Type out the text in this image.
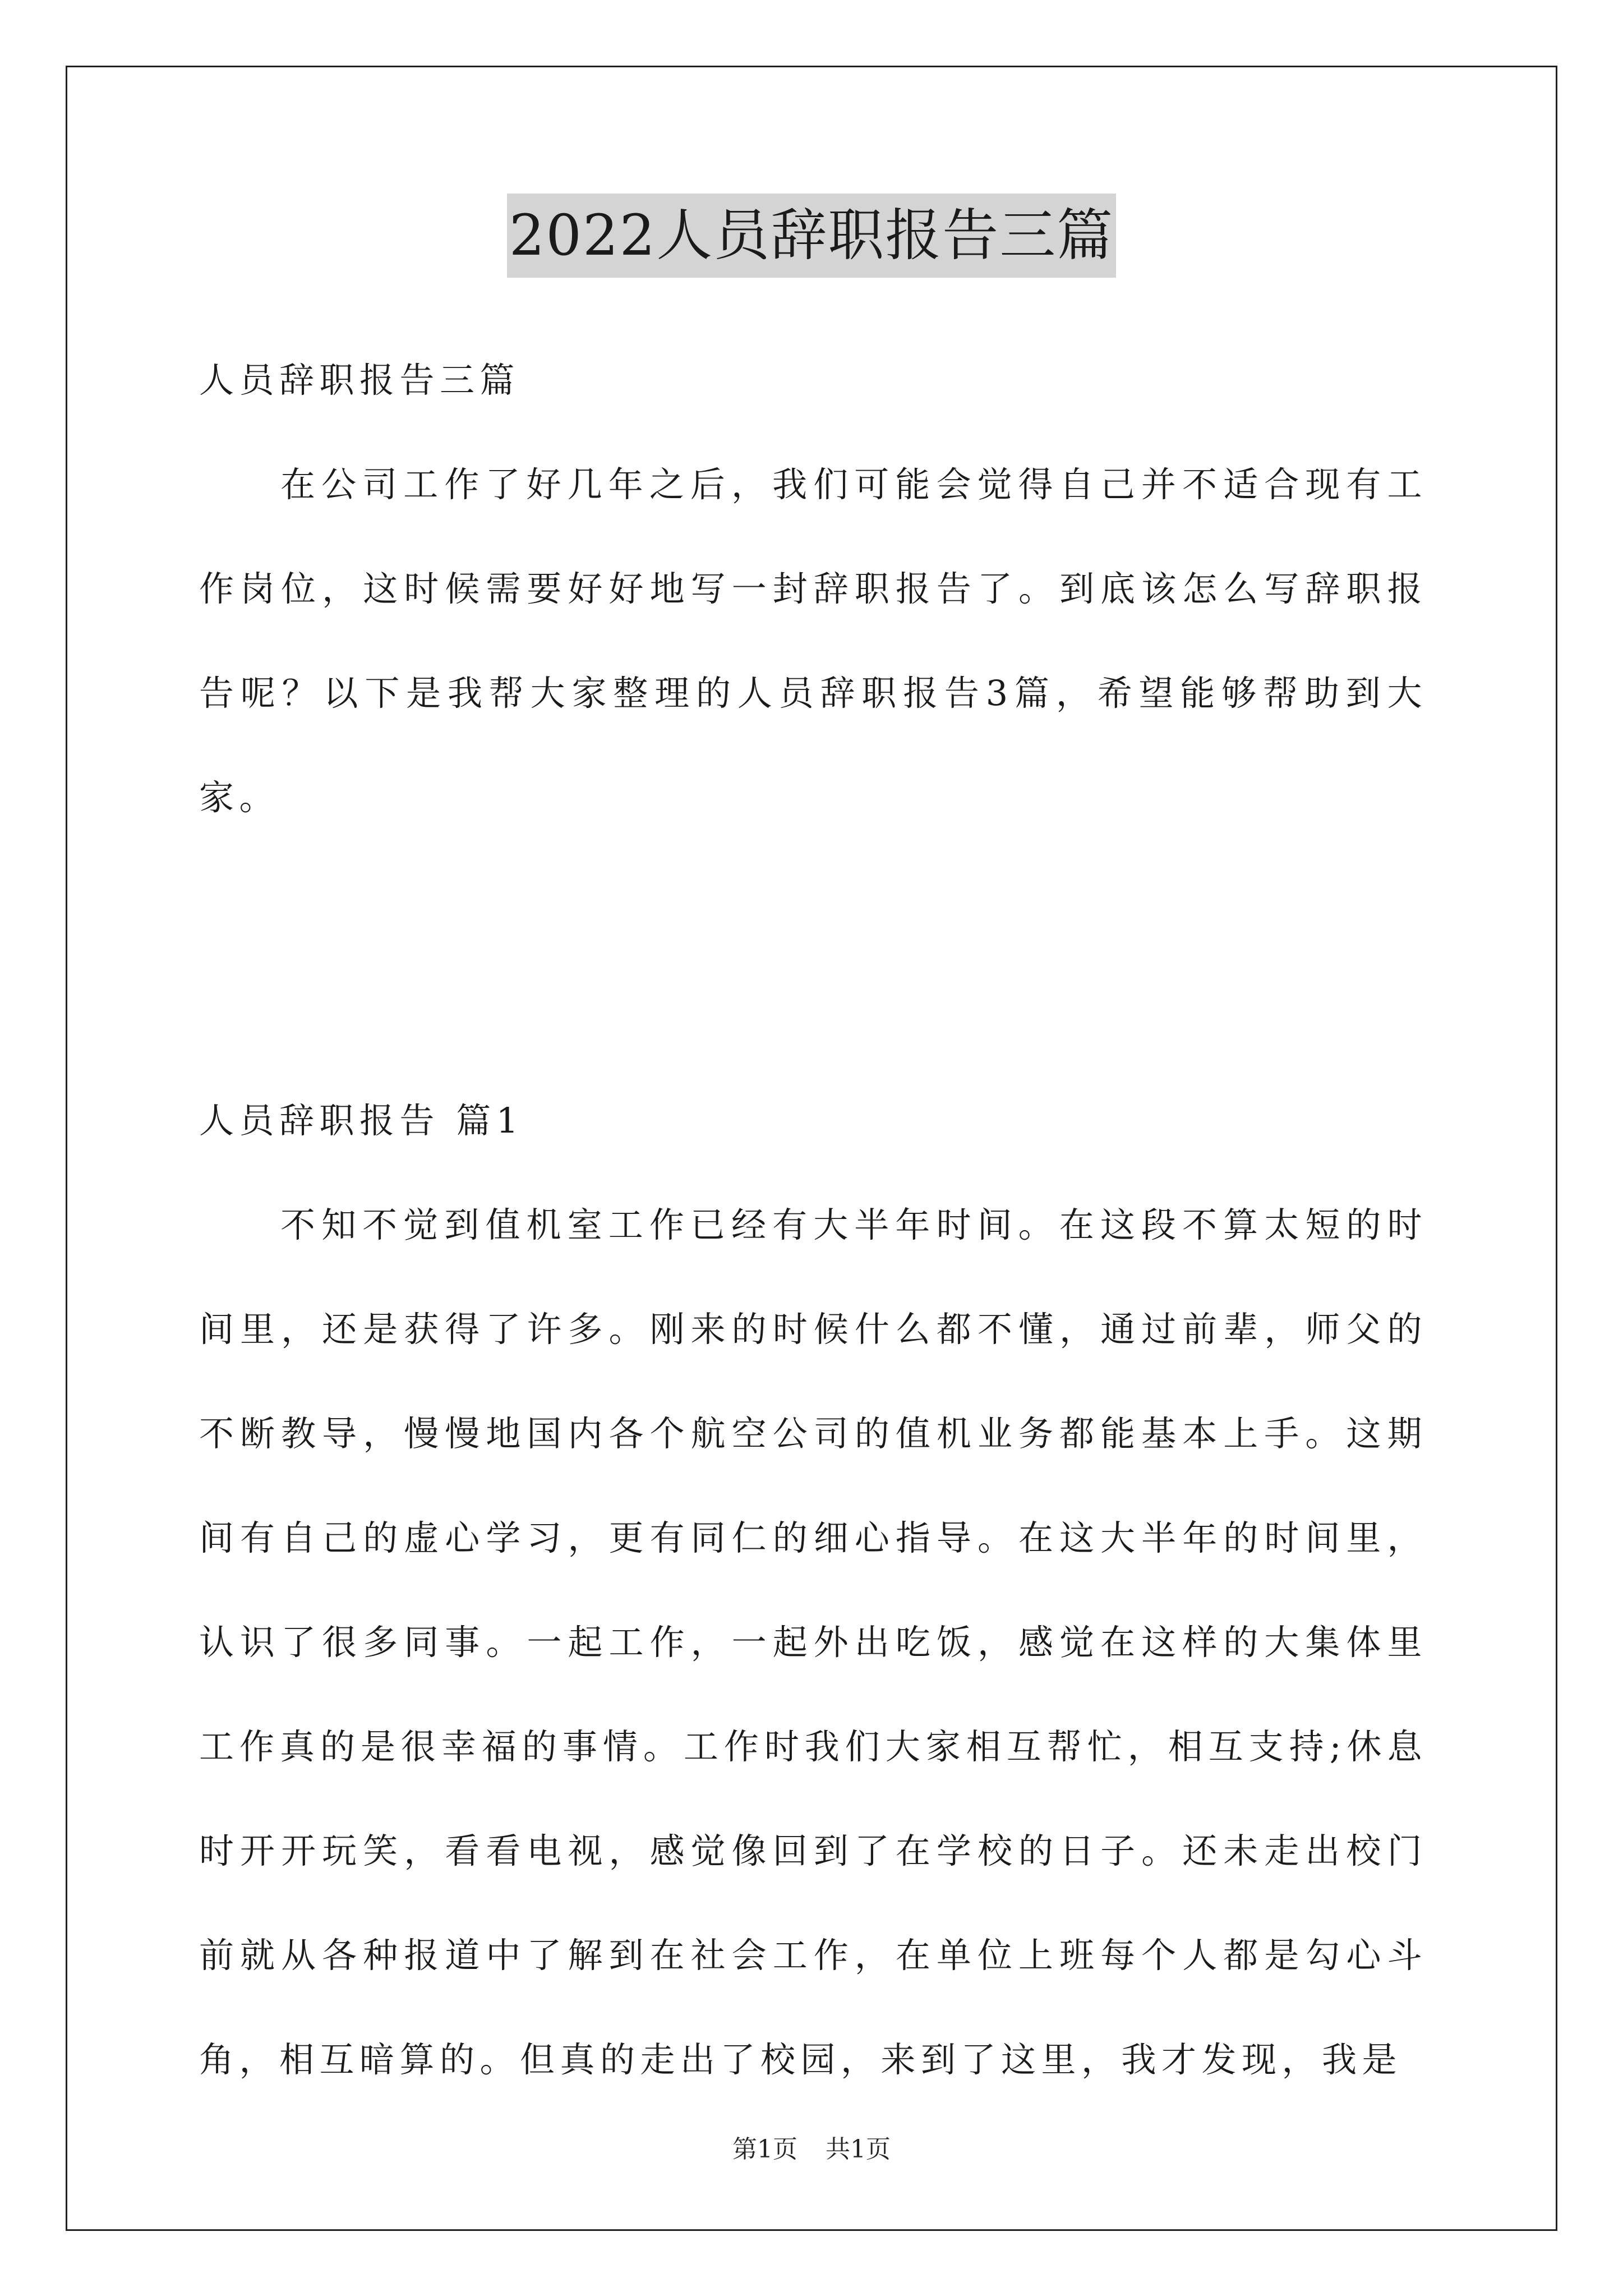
2022人员辞职报告三篇

人员辞职报告三篇

在公司工作了好几年之后，我们可能会觉得自己并不适合现有工作岗位，这时候需要好好地写一封辞职报告了。到底该怎么写辞职报告呢？以下是我帮大家整理的人员辞职报告3篇，希望能够帮助到大家。

人员辞职报告 篇1

不知不觉到值机室工作已经有大半年时间。在这段不算太短的时间里，还是获得了许多。刚来的时候什么都不懂，通过前辈，师父的不断教导，慢慢地国内各个航空公司的值机业务都能基本上手。这期间有自己的虚心学习，更有同仁的细心指导。在这大半年的时间里，认识了很多同事。一起工作，一起外出吃饭，感觉在这样的大集体里工作真的是很幸福的事情。工作时我们大家相互帮忙，相互支持;休息时开开玩笑，看看电视，感觉像回到了在学校的日子。还未走出校门前就从各种报道中了解到在社会工作，在单位上班每个人都是勾心斗角，相互暗算的。但真的走出了校园，来到了这里，我才发现，我是

第1页 共1页
